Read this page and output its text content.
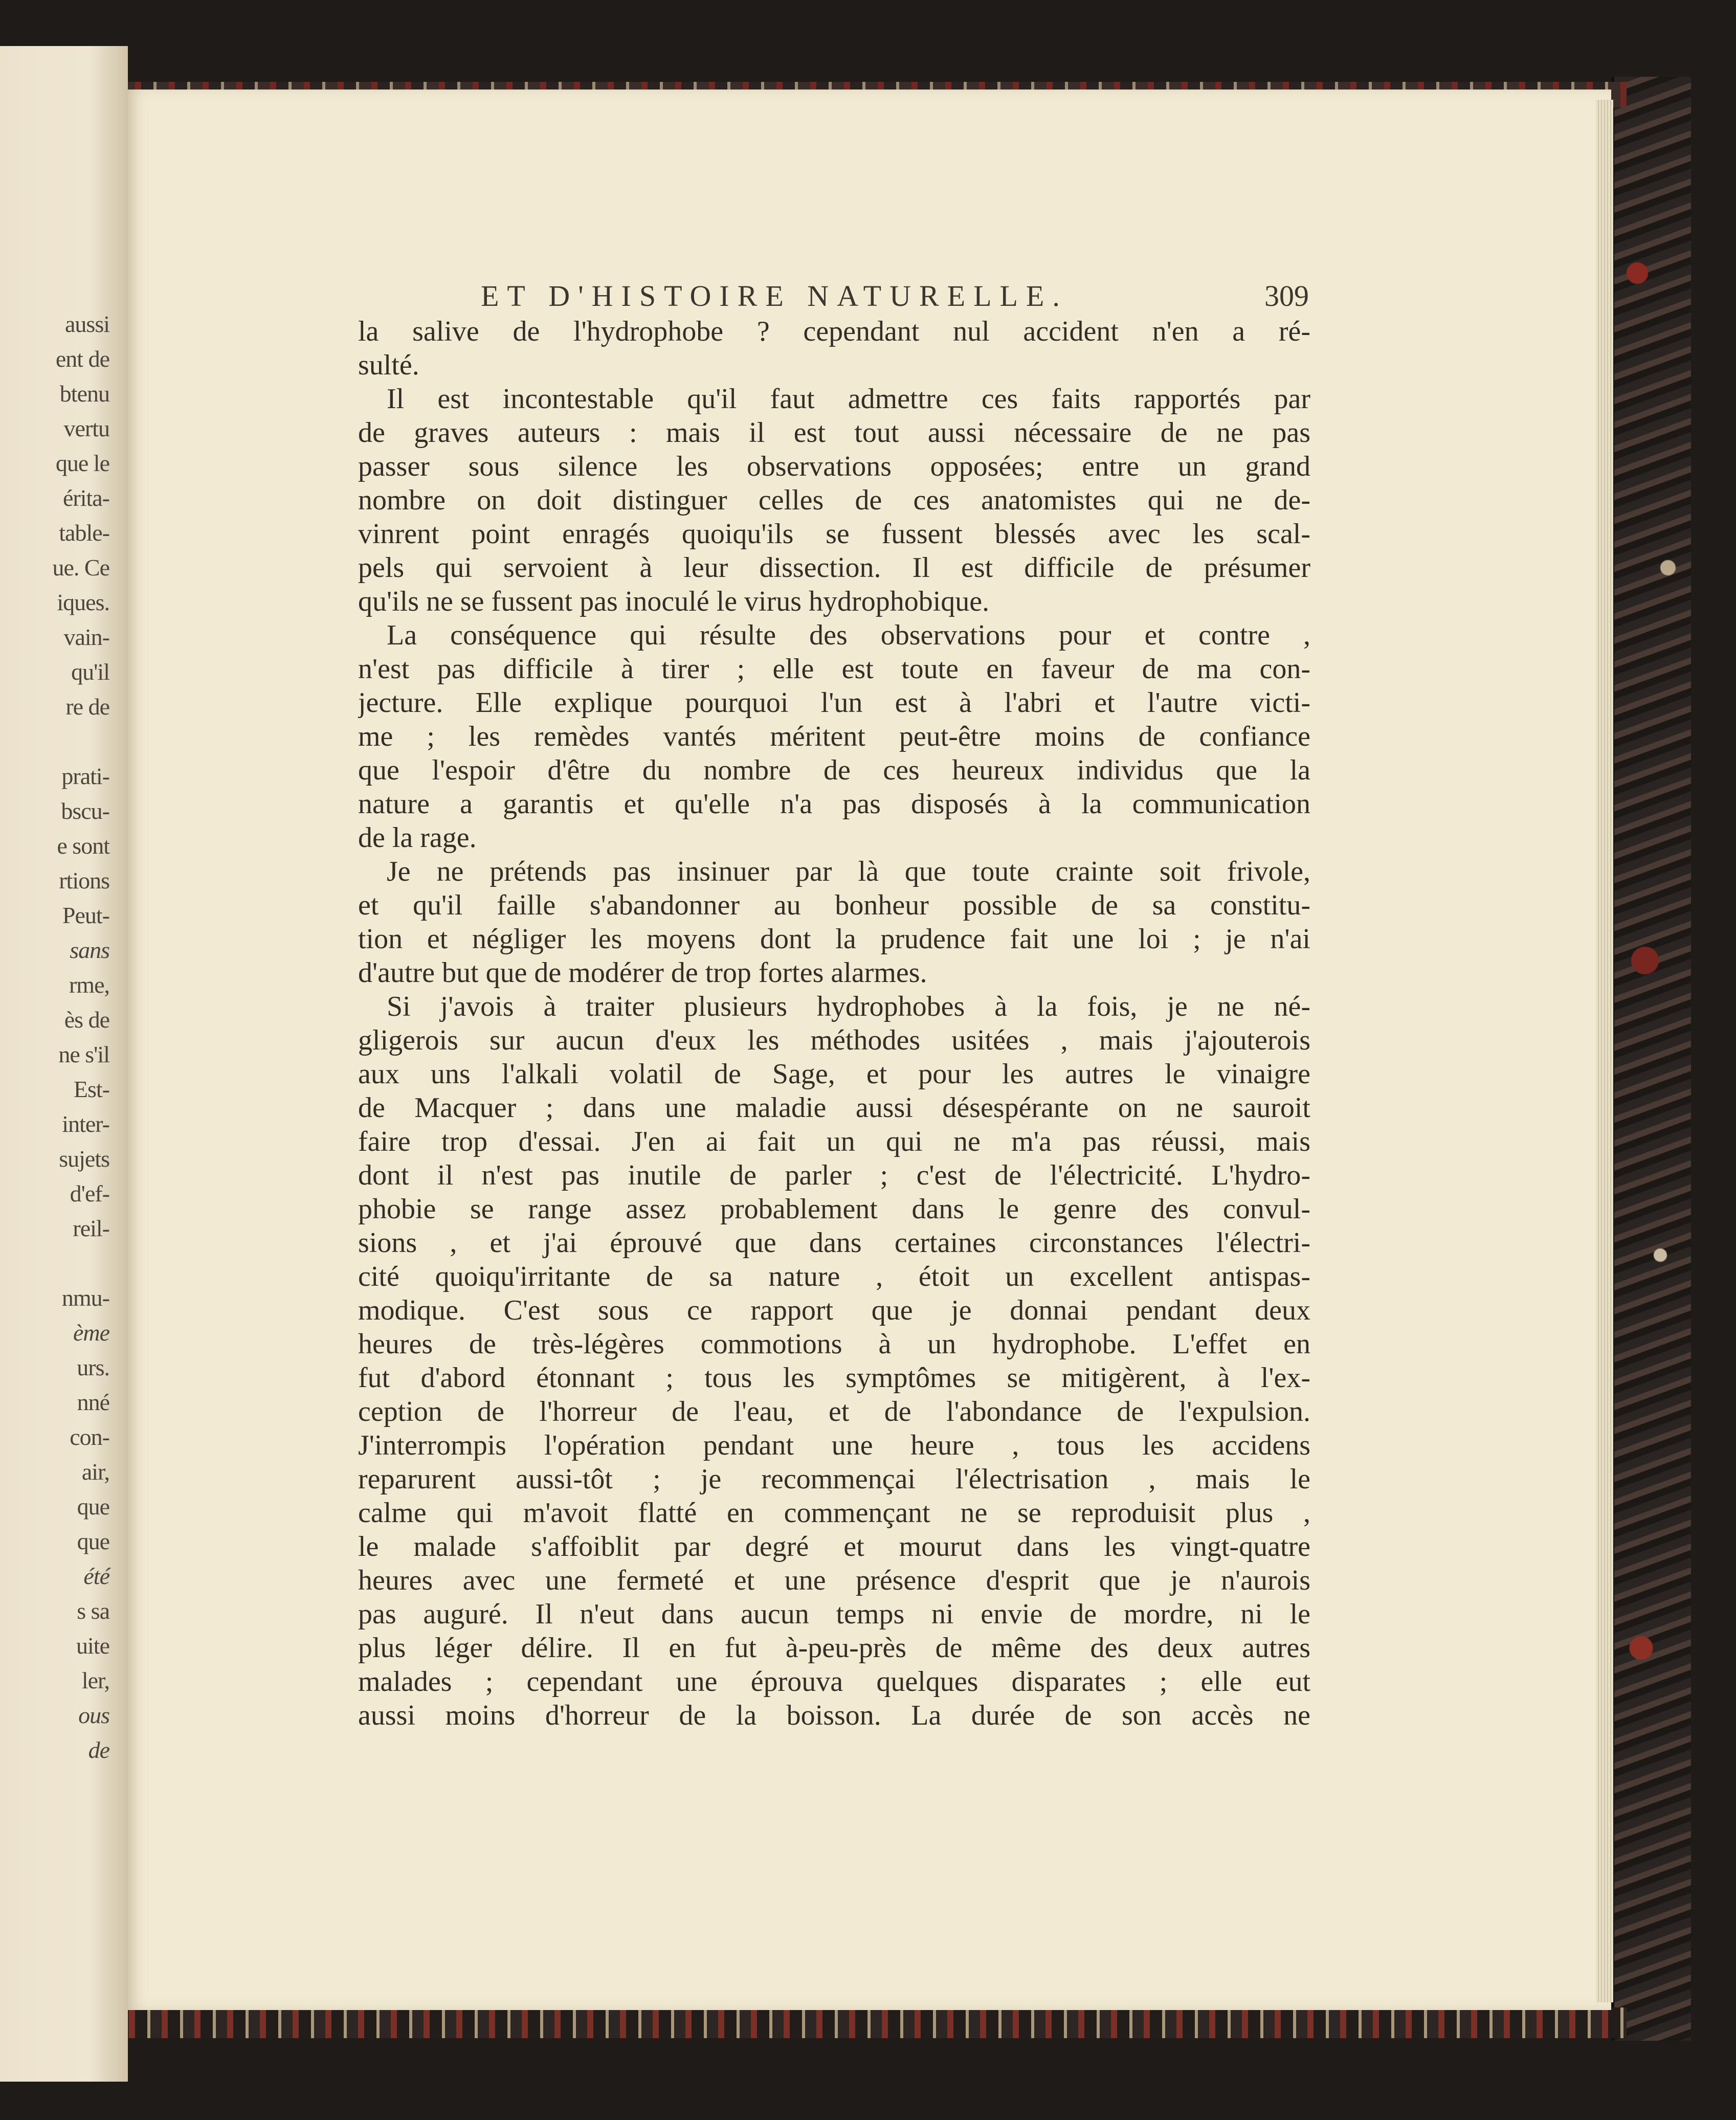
aussi
ent de
btenu
vertu
que le
érita-
table-
ue. Ce
iques.
vain-
qu'il
re de
prati-
bscu-
e sont
rtions
Peut-
sans
rme,
ès de
ne s'il
Est-
inter-
sujets
d'ef-
reil-
nmu-
ème
urs.
nné
con-
air,
que
que
été
s sa
uite
ler,
ous
de
ET D'HISTOIRE NATURELLE.	309
la salive de l'hydrophobe ? cependant nul accident n'en a ré-
sulté.
Il est incontestable qu'il faut admettre ces faits rapportés par
de graves auteurs : mais il est tout aussi nécessaire de ne pas
passer sous silence les observations opposées; entre un grand
nombre on doit distinguer celles de ces anatomistes qui ne de-
vinrent point enragés quoiqu'ils se fussent blessés avec les scal-
pels qui servoient à leur dissection. Il est difficile de présumer
qu'ils ne se fussent pas inoculé le virus hydrophobique.
La conséquence qui résulte des observations pour et contre ,
n'est pas difficile à tirer ; elle est toute en faveur de ma con-
jecture. Elle explique pourquoi l'un est à l'abri et l'autre victi-
me ; les remèdes vantés méritent peut-être moins de confiance
que l'espoir d'être du nombre de ces heureux individus que la
nature a garantis et qu'elle n'a pas disposés à la communication
de la rage.
Je ne prétends pas insinuer par là que toute crainte soit frivole,
et qu'il faille s'abandonner au bonheur possible de sa constitu-
tion et négliger les moyens dont la prudence fait une loi ; je n'ai
d'autre but que de modérer de trop fortes alarmes.
Si j'avois à traiter plusieurs hydrophobes à la fois, je ne né-
gligerois sur aucun d'eux les méthodes usitées , mais j'ajouterois
aux uns l'alkali volatil de Sage, et pour les autres le vinaigre
de Macquer ; dans une maladie aussi désespérante on ne sauroit
faire trop d'essai. J'en ai fait un qui ne m'a pas réussi, mais
dont il n'est pas inutile de parler ; c'est de l'électricité. L'hydro-
phobie se range assez probablement dans le genre des convul-
sions , et j'ai éprouvé que dans certaines circonstances l'électri-
cité quoiqu'irritante de sa nature , étoit un excellent antispas-
modique. C'est sous ce rapport que je donnai pendant deux
heures de très-légères commotions à un hydrophobe. L'effet en
fut d'abord étonnant ; tous les symptômes se mitigèrent, à l'ex-
ception de l'horreur de l'eau, et de l'abondance de l'expulsion.
J'interrompis l'opération pendant une heure , tous les accidens
reparurent aussi-tôt ; je recommençai l'électrisation , mais le
calme qui m'avoit flatté en commençant ne se reproduisit plus ,
le malade s'affoiblit par degré et mourut dans les vingt-quatre
heures avec une fermeté et une présence d'esprit que je n'aurois
pas auguré. Il n'eut dans aucun temps ni envie de mordre, ni le
plus léger délire. Il en fut à-peu-près de même des deux autres
malades ; cependant une éprouva quelques disparates ; elle eut
aussi moins d'horreur de la boisson. La durée de son accès ne
